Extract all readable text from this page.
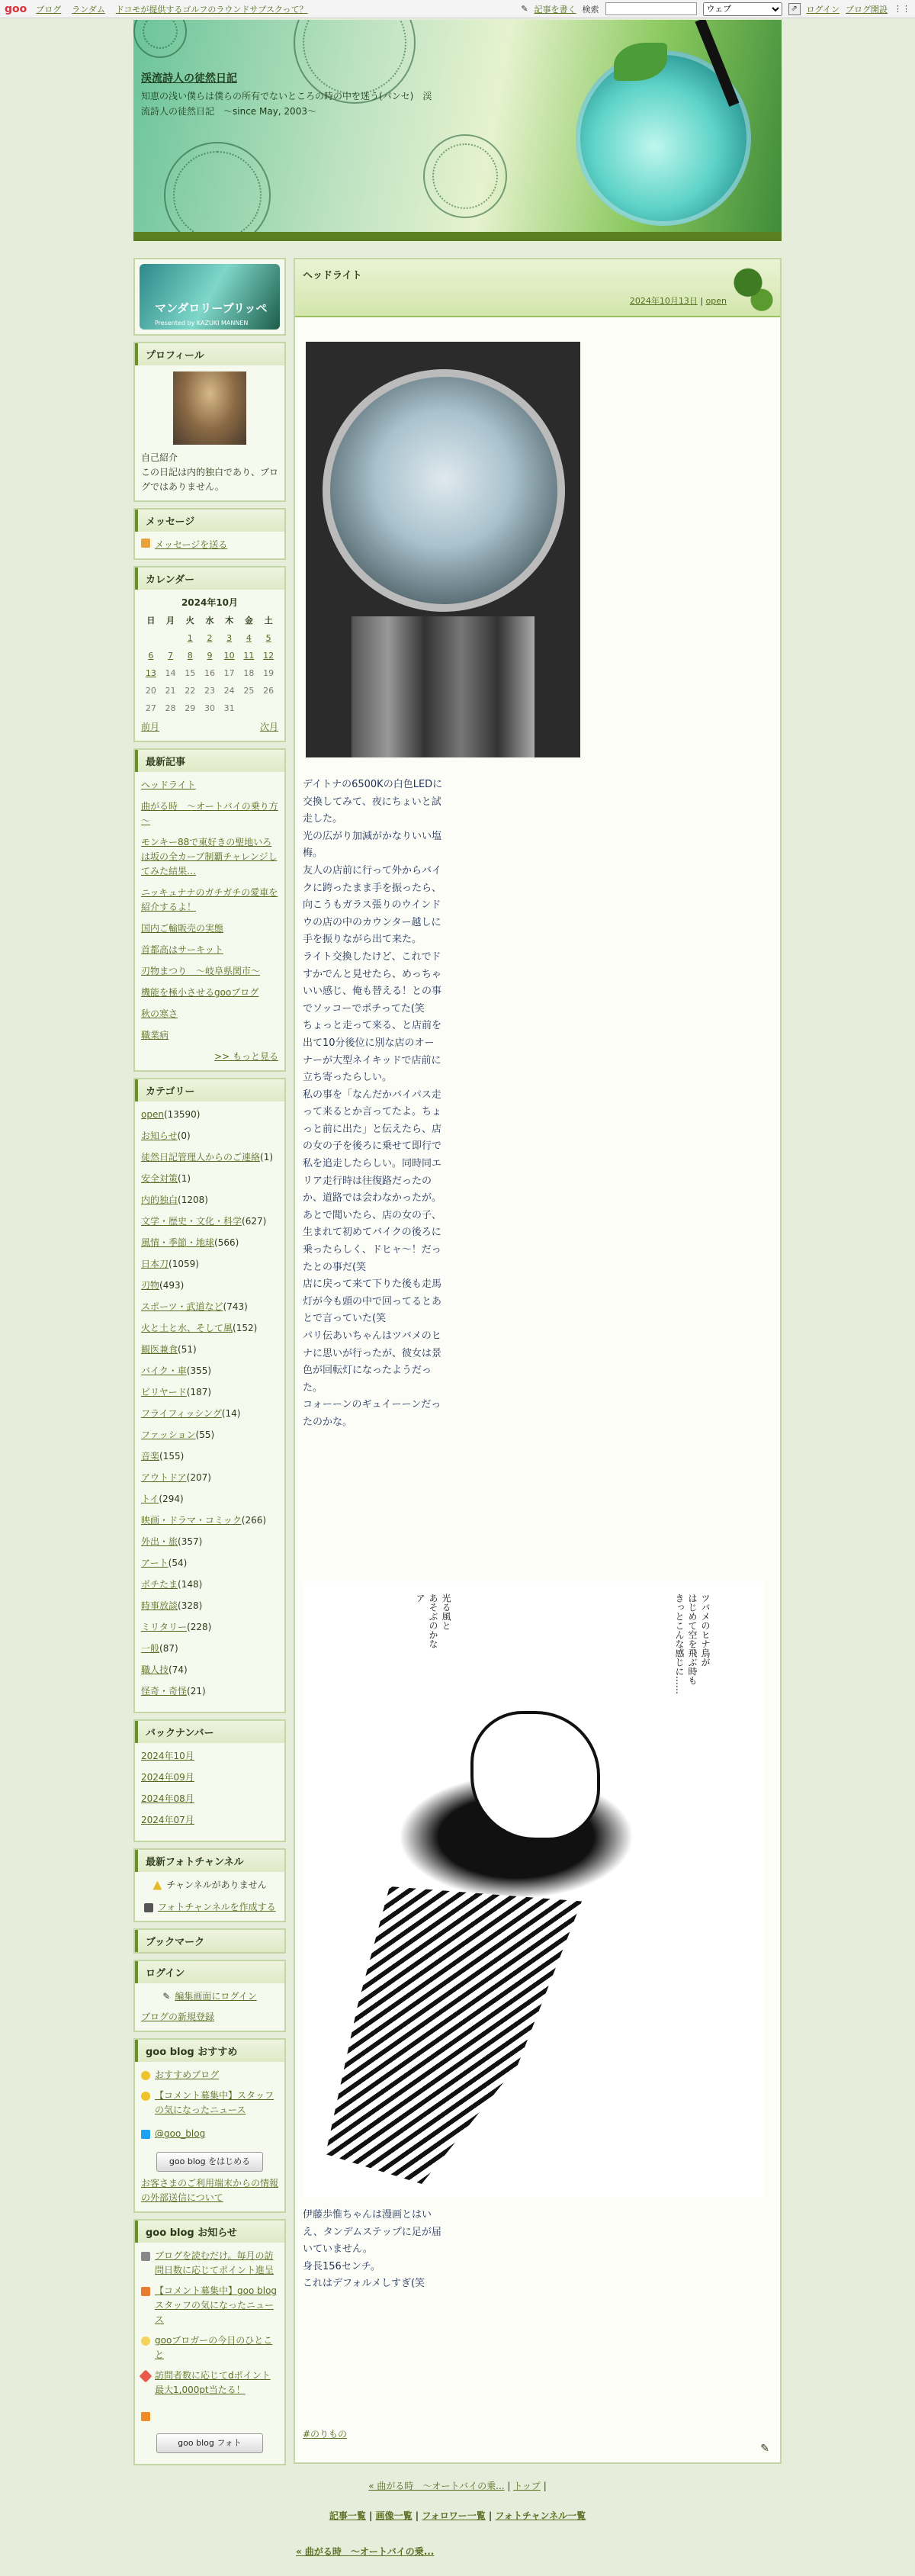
goo ブログ ランダム ドコモが提供するゴルフのラウンドサブスクって？	✎ 記事を書く 検索
ウェブ	⇗	ログイン ブログ開設 ⋮⋮
渓流詩人の徒然日記
知恵の浅い僕らは僕らの所有でないところの時の中を迷う(パンセ)　渓流詩人の徒然日記　～since May, 2003～
マンダロリーブリッペ
Presented by KAZUKI MANNEN
プロフィール
自己紹介
この日記は内的独白であり、ブログではありません。
メッセージ
メッセージを送る
カレンダー
2024年10月
日	月	火	水	木	金	土
		1	2	3	4	5
6	7	8	9	10	11	12
13	14	15	16	17	18	19
20	21	22	23	24	25	26
27	28	29	30	31		
前月	次月
最新記事
ヘッドライト
曲がる時　～オートバイの乗り方～
モンキー88で東好きの聖地いろは坂の全カーブ制覇チャレンジしてみた結果…
ニッキュナナのガチガチの愛車を紹介するよ！
国内ご輸販売の実態
首都高はサーキット
刃物まつり　～岐阜県関市～
機能を極小させるgooブログ
秋の寒さ
職業病
>> もっと見る
カテゴリー
open(13590)
お知らせ(0)
徒然日記管理人からのご連絡(1)
安全対策(1)
内的独白(1208)
文学・歴史・文化・科学(627)
風情・季節・地球(566)
日本刀(1059)
刃物(493)
スポーツ・武道など(743)
火と土と水、そして風(152)
観医兼食(51)
バイク・車(355)
ビリヤード(187)
フライフィッシング(14)
ファッション(55)
音楽(155)
アウトドア(207)
トイ(294)
映画・ドラマ・コミック(266)
外出・旅(357)
アート(54)
ボチたま(148)
時事放談(328)
ミリタリー(228)
一般(87)
職人技(74)
怪奇・奇怪(21)
バックナンバー
2024年10月
2024年09月
2024年08月
2024年07月
最新フォトチャンネル
チャンネルがありません
フォトチャンネルを作成する
ブックマーク
ログイン
✎ 編集画面にログイン
ブログの新規登録
goo blog おすすめ
おすすめブログ
【コメント募集中】スタッフの気になったニュース
@goo_blog
goo blog をはじめる
お客さまのご利用端末からの情報の外部送信について
goo blog お知らせ
ブログを読むだけ。毎月の訪問日数に応じてポイント進呈
【コメント募集中】goo blogスタッフの気になったニュース
gooブロガーの今日のひとこと
訪問者数に応じてdポイント最大1,000pt当たる！
goo blog フォト
ヘッドライト
2024年10月13日 | open
デイトナの6500Kの白色LEDに交換してみて、夜にちょいと試走した。
光の広がり加減がかなりいい塩梅。
友人の店前に行って外からバイクに跨ったまま手を振ったら、向こうもガラス張りのウインドウの店の中のカウンター越しに手を振りながら出て来た。
ライト交換したけど、これでドすかでんと見せたら、めっちゃいい感じ、俺も替える！との事でソッコーでポチってた(笑
ちょっと走って来る、と店前を出て10分後位に別な店のオーナーが大型ネイキッドで店前に立ち寄ったらしい。
私の事を「なんだかバイパス走って来るとか言ってたよ。ちょっと前に出た」と伝えたら、店の女の子を後ろに乗せて即行で私を追走したらしい。同時同エリア走行時は往復路だったのか、道路では会わなかったが。
あとで聞いたら、店の女の子、生まれて初めてバイクの後ろに乗ったらしく、ドヒャ～！だったとの事だ(笑
店に戻って来て下りた後も走馬灯が今も頭の中で回ってるとあとで言っていた(笑
パリ伝あいちゃんはツバメのヒナに思いが行ったが、彼女は景色が回転灯になったようだった。
コォーーンのギュイーーンだったのかな。
ツバメのヒナ鳥が
はじめて空を飛ぶ時も
きっとこんな感じに……
光る風と
あそぶのかな
ア
伊藤歩惟ちゃんは漫画とはいえ、タンデムステップに足が届いていません。
身長156センチ。
これはデフォルメしすぎ(笑
#のりもの
✎
« 曲がる時　～オートバイの乗... | トップ |
記事一覧 | 画像一覧 | フォロワー一覧 | フォトチャンネル一覧
« 曲がる時　～オートバイの乗...
